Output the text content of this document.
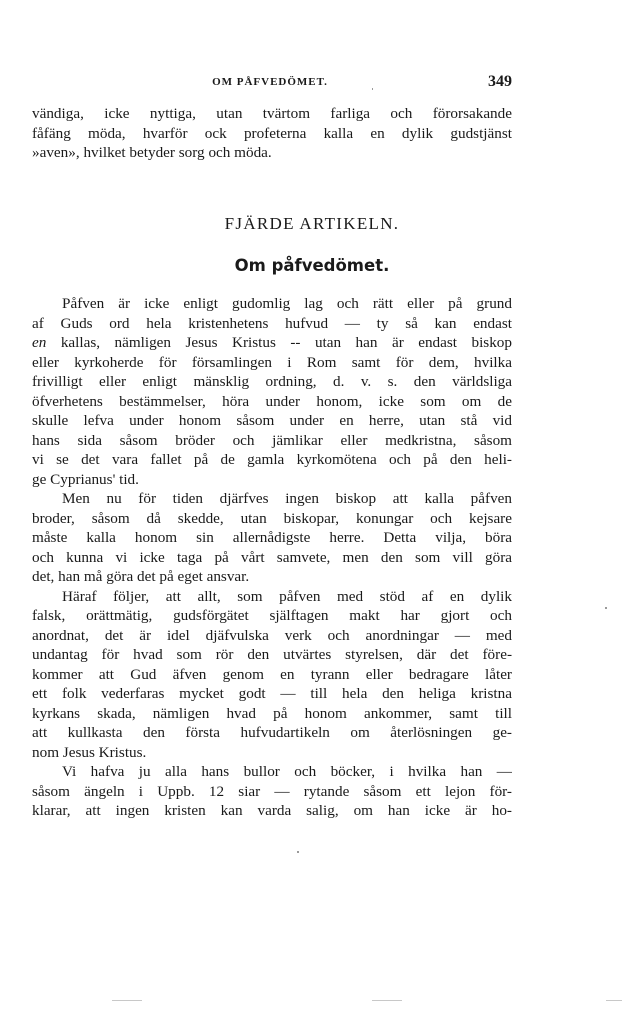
OM PÅFVEDÖMET.	349
vändiga, icke nyttiga, utan tvärtom farliga och förorsakande
fåfäng möda, hvarför ock profeterna kalla en dylik gudstjänst
»aven», hvilket betyder sorg och möda.
FJÄRDE ARTIKELN.
Om påfvedömet.
Påfven är icke enligt gudomlig lag och rätt eller på grund
af Guds ord hela kristenhetens hufvud — ty så kan endast
en kallas, nämligen Jesus Kristus -- utan han är endast biskop
eller kyrkoherde för församlingen i Rom samt för dem, hvilka
frivilligt eller enligt mänsklig ordning, d. v. s. den världsliga
öfverhetens bestämmelser, höra under honom, icke som om de
skulle lefva under honom såsom under en herre, utan stå vid
hans sida såsom bröder och jämlikar eller medkristna, såsom
vi se det vara fallet på de gamla kyrkomötena och på den heli-
ge Cyprianus' tid.
Men nu för tiden djärfves ingen biskop att kalla påfven
broder, såsom då skedde, utan biskopar, konungar och kejsare
måste kalla honom sin allernådigste herre. Detta vilja, böra
och kunna vi icke taga på vårt samvete, men den som vill göra
det, han må göra det på eget ansvar.
Häraf följer, att allt, som påfven med stöd af en dylik
falsk, orättmätig, gudsförgätet själftagen makt har gjort och
anordnat, det är idel djäfvulska verk och anordningar — med
undantag för hvad som rör den utvärtes styrelsen, där det före-
kommer att Gud äfven genom en tyrann eller bedragare låter
ett folk vederfaras mycket godt — till hela den heliga kristna
kyrkans skada, nämligen hvad på honom ankommer, samt till
att kullkasta den första hufvudartikeln om återlösningen ge-
nom Jesus Kristus.
Vi hafva ju alla hans bullor och böcker, i hvilka han —
såsom ängeln i Uppb. 12 siar — rytande såsom ett lejon för-
klarar, att ingen kristen kan varda salig, om han icke är ho-
